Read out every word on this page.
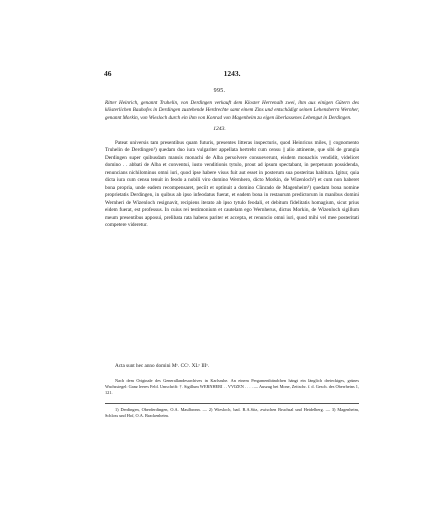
1243.
46
995.
Ritter Heinrich, genannt Truhelin, von Derdingen verkauft dem Kloster Herrenalb zwei, ihm aus einigen Gütern des klösterlichen Bauhofes in Derdingen zustehende Herdrechte samt einem Zins und entschädigt seinen Lehensherrn Wernher, genannt Morkin, von Wiesloch durch ein ihm von Konrad von Magenheim zu eigen überlassenes Lehengut in Derdingen.
1243.

Pateat universis tam presentibus quam futuris, presentes litteras inspecturis, quod Heinricus miles, || cognomento Truhelin de Derdingen¹) quedam duo iura vulgariter appellata hertreht cum censu || alio attinente, que sibi de grangia Derdingen super quibusdam mansis monachi de Alba persolvere consueverunt, eisdem monachis vendidit, videlicet domino . . abbati de Alba et conventui, iusto venditionis tytulo, prout ad ipsum spectabant, in perpetuum possidenda, renuncians nichilominus omni iuri, quod ipse habere visus fuit aut esset in posterum sua posteritas habitura. Igitur, quia dicta iura cum censu tenuit in feodo a nobili viro domino Wernhero, dicto Morkin, de Wizenloch²) et cum non haberet bona propria, unde eadem recompensaret, peciit et optinuit a domino Cůnrado de Magenheim³) quedam bona nomine proprietatis Derdingen, in quibus ab ipso infeodatus fuerat, et eadem bona in restaurum predictorum in manibus domini Wernheri de Wizenloch resignavit, recipiens iterato ab ipso tytulo feodali, et debitum fidelitatis homagium, sicut prius eidem fuerat, est professus. In cuius rei testimonium et cautelam ego Wernherus, dictus Morkin, de Wizenloch sigillum meum presentibus apposui, prelibata rata habens pariter et accepta, et renuncio omni iuri, quod mihi vel mee posteritati competere videretur.

Acta sunt hec anno domini Mᵒ. CCᵒ. XLᵒ IIIᵒ.
Nach dem Originale des Generallandesarchives in Karlsruhe. An einem Pergamentbändchen hängt ein länglich dreieckiges, grünes Wachssiegel: Ganz leeres Feld. Umschrift: †. Sigillum WERNHERI . . VVIZEN . . . . — Auszug bei Mone, Zeitschr. f. d. Gesch. des Oberrheins 1, 121.
1) Derdingen, Oberderdingen, O.A. Maulbronn. — 2) Wiesloch, bad. B.A.Sitz, zwischen Bruchsal und Heidelberg. — 3) Magenheim, Schloss und Hof, O.A. Brackenheim.
